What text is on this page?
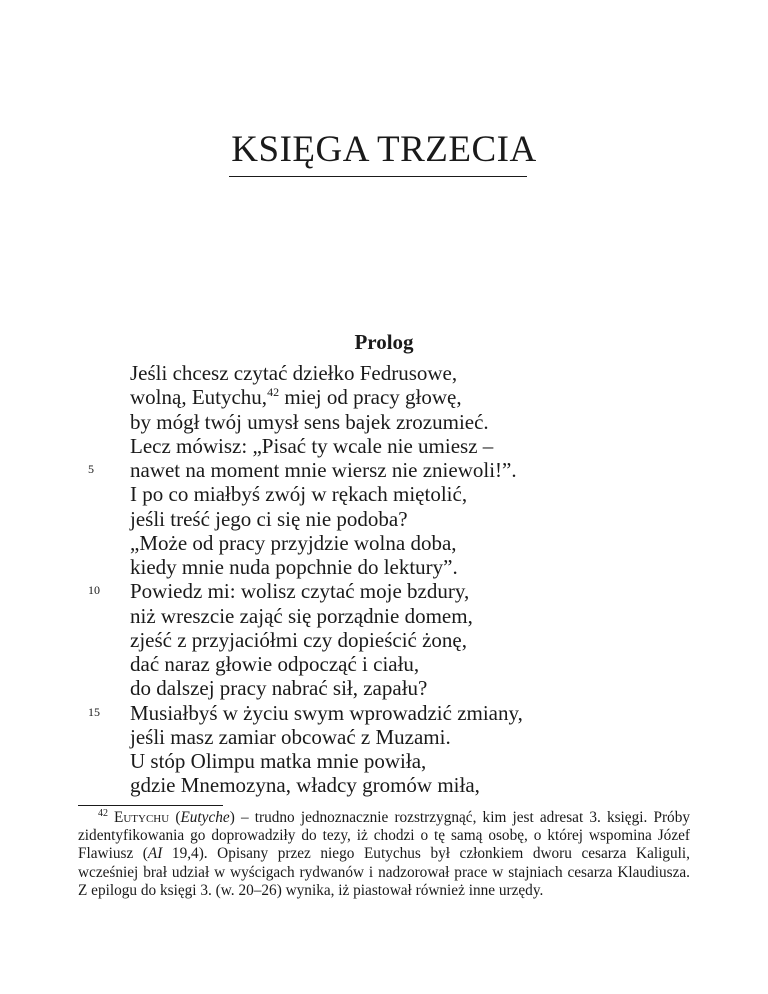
KSIĘGA TRZECIA
Prolog
Jeśli chcesz czytać dziełko Fedrusowe,
wolną, Eutychu,$^{42}$ miej od pracy głowę,
by mógł twój umysł sens bajek zrozumieć.
Lecz mówisz: „Pisać ty wcale nie umiesz –
nawet na moment mnie wiersz nie zniewoli!”.
5
I po co miałbyś zwój w rękach miętolić,
jeśli treść jego ci się nie podoba?
„Może od pracy przyjdzie wolna doba,
kiedy mnie nuda popchnie do lektury”.
Powiedz mi: wolisz czytać moje bzdury,
10
niż wreszcie zająć się porządnie domem,
zjeść z przyjaciółmi czy dopieścić żonę,
dać naraz głowie odpocząć i ciału,
do dalszej pracy nabrać sił, zapału?
Musiałbyś w życiu swym wprowadzić zmiany,
15
jeśli masz zamiar obcować z Muzami.
U stóp Olimpu matka mnie powiła,
gdzie Mnemozyna, władcy gromów miła,

$^{42}$ Eutychu (Eutyche) – trudno jednoznacznie rozstrzygnąć, kim jest adresat 3. księgi. Próby zidentyfikowania go doprowadziły do tezy, iż chodzi o tę samą osobę, o której wspomina Józef Flawiusz (AI 19,4). Opisany przez niego Eutychus był członkiem dworu cesarza Kaliguli, wcześniej brał udział w wyścigach rydwanów i nadzorował prace w stajniach cesarza Klaudiusza. Z epilogu do księgi 3. (w. 20–26) wynika, iż piastował również inne urzędy.
